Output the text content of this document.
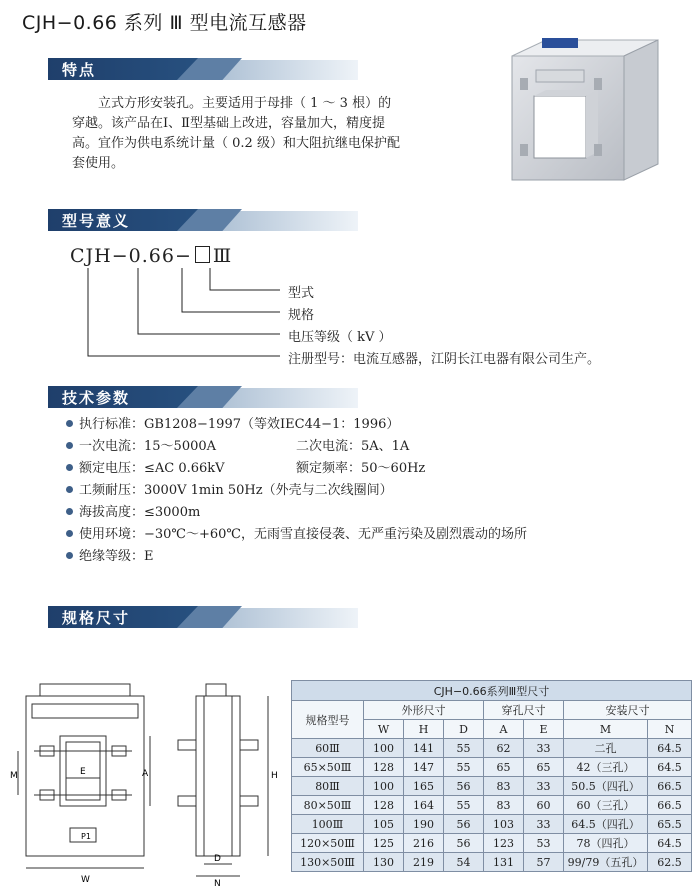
CJH−0.66 系列 Ⅲ 型电流互感器
特点
立式方形安装孔。主要适用于母排（ 1 ～ 3 根）的
穿越。该产品在Ⅰ、Ⅱ型基础上改进，容量加大，精度提
高。宜作为供电系统计量（ 0.2 级）和大阻抗继电保护配
套使用。
型号意义
CJH−0.66− Ⅲ
型式
规格
电压等级（ kV ）
注册型号：电流互感器，江阴长江电器有限公司生产。
技术参数
执行标准：GB1208−1997（等效IEC44−1：1996）
一次电流：15～5000A	二次电流：5A、1A
额定电压：≤AC 0.66kV	额定频率：50～60Hz
工频耐压：3000V 1min 50Hz（外壳与二次线圈间）
海拔高度：≤3000m
使用环境：−30℃～+60℃，无雨雪直接侵袭、无严重污染及剧烈震动的场所
绝缘等级：E
规格尺寸
M	E	A
P1
W
H
D
N
CJH−0.66系列Ⅲ型尺寸							
规格型号	外形尺寸			穿孔尺寸		安装尺寸	
	W	H	D	A	E	M	N
60Ⅲ	100	141	55	62	33	二孔	64.5
65×50Ⅲ	128	147	55	65	65	42（三孔）	64.5
80Ⅲ	100	165	56	83	33	50.5（四孔）	66.5
80×50Ⅲ	128	164	55	83	60	60（三孔）	66.5
100Ⅲ	105	190	56	103	33	64.5（四孔）	65.5
120×50Ⅲ	125	216	56	123	53	78（四孔）	64.5
130×50Ⅲ	130	219	54	131	57	99/79（五孔）	62.5
